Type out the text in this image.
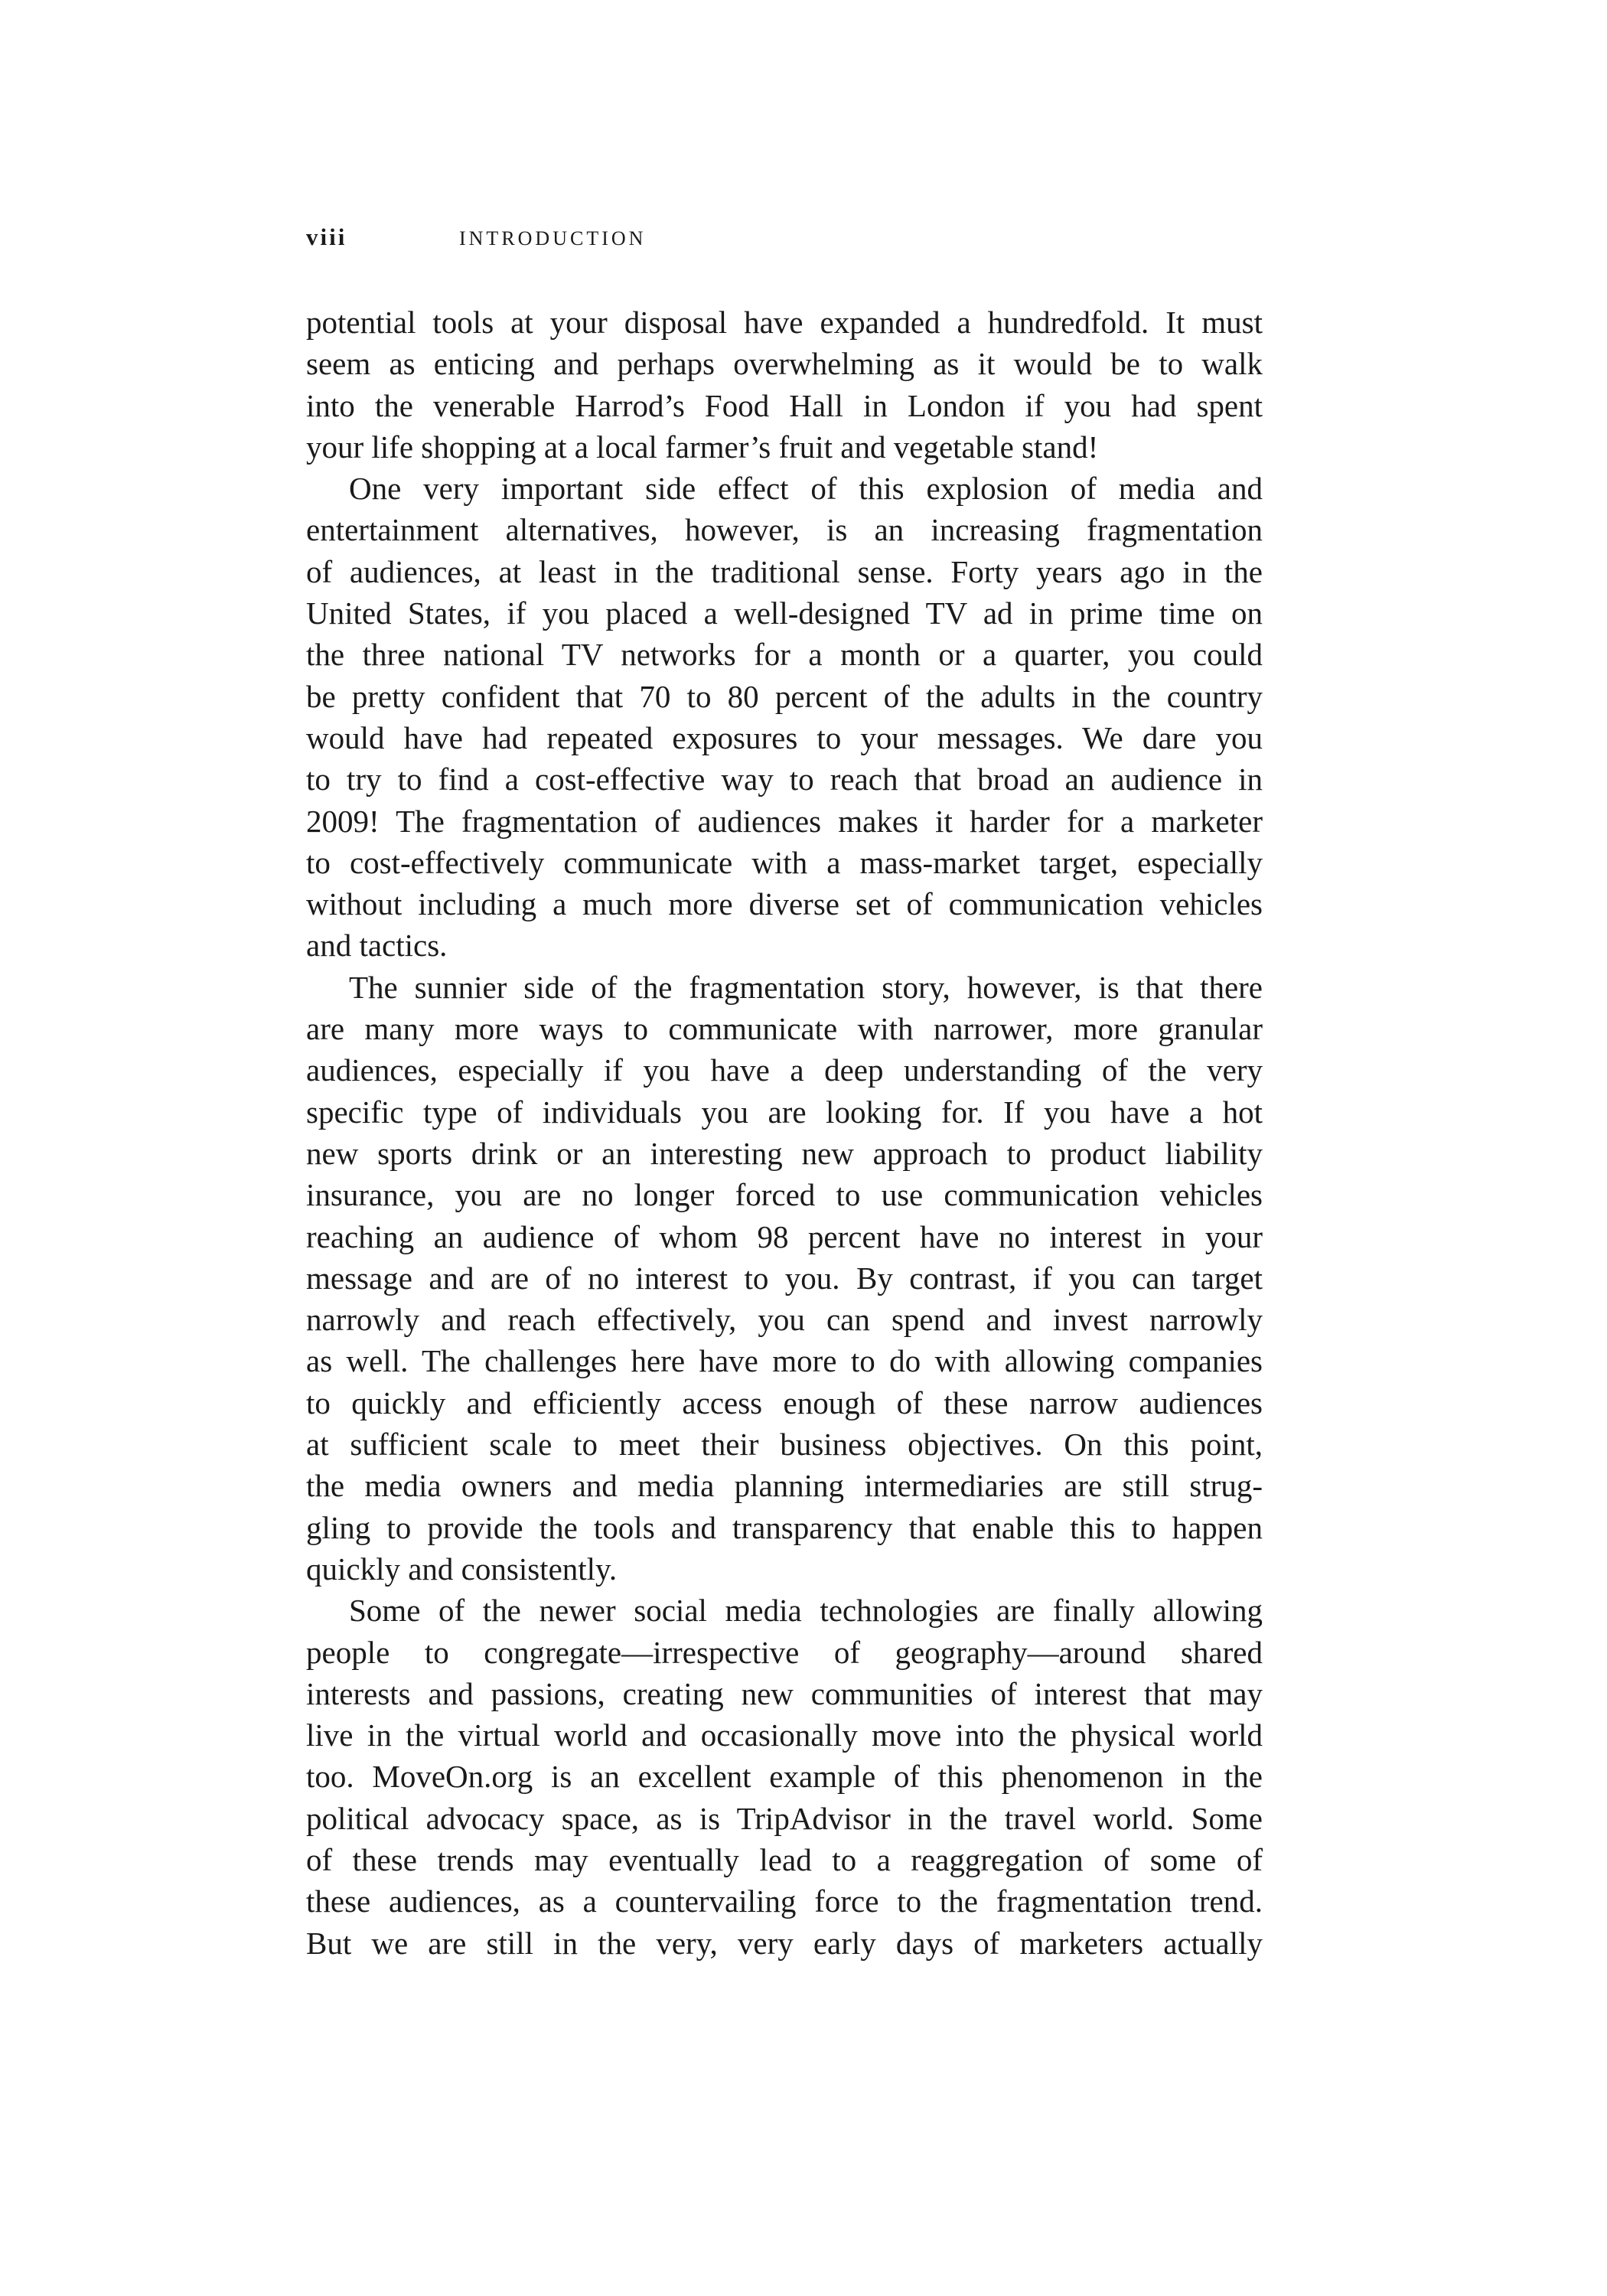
viii	INTRODUCTION
potential tools at your disposal have expanded a hundredfold. It must
seem as enticing and perhaps overwhelming as it would be to walk
into the venerable Harrod’s Food Hall in London if you had spent
your life shopping at a local farmer’s fruit and vegetable stand!
One very important side effect of this explosion of media and
entertainment alternatives, however, is an increasing fragmentation
of audiences, at least in the traditional sense. Forty years ago in the
United States, if you placed a well-designed TV ad in prime time on
the three national TV networks for a month or a quarter, you could
be pretty confident that 70 to 80 percent of the adults in the country
would have had repeated exposures to your messages. We dare you
to try to find a cost-effective way to reach that broad an audience in
2009! The fragmentation of audiences makes it harder for a marketer
to cost-effectively communicate with a mass-market target, especially
without including a much more diverse set of communication vehicles
and tactics.
The sunnier side of the fragmentation story, however, is that there
are many more ways to communicate with narrower, more granular
audiences, especially if you have a deep understanding of the very
specific type of individuals you are looking for. If you have a hot
new sports drink or an interesting new approach to product liability
insurance, you are no longer forced to use communication vehicles
reaching an audience of whom 98 percent have no interest in your
message and are of no interest to you. By contrast, if you can target
narrowly and reach effectively, you can spend and invest narrowly
as well. The challenges here have more to do with allowing companies
to quickly and efficiently access enough of these narrow audiences
at sufficient scale to meet their business objectives. On this point,
the media owners and media planning intermediaries are still strug-
gling to provide the tools and transparency that enable this to happen
quickly and consistently.
Some of the newer social media technologies are finally allowing
people to congregate—irrespective of geography—around shared
interests and passions, creating new communities of interest that may
live in the virtual world and occasionally move into the physical world
too. MoveOn.org is an excellent example of this phenomenon in the
political advocacy space, as is TripAdvisor in the travel world. Some
of these trends may eventually lead to a reaggregation of some of
these audiences, as a countervailing force to the fragmentation trend.
But we are still in the very, very early days of marketers actually
